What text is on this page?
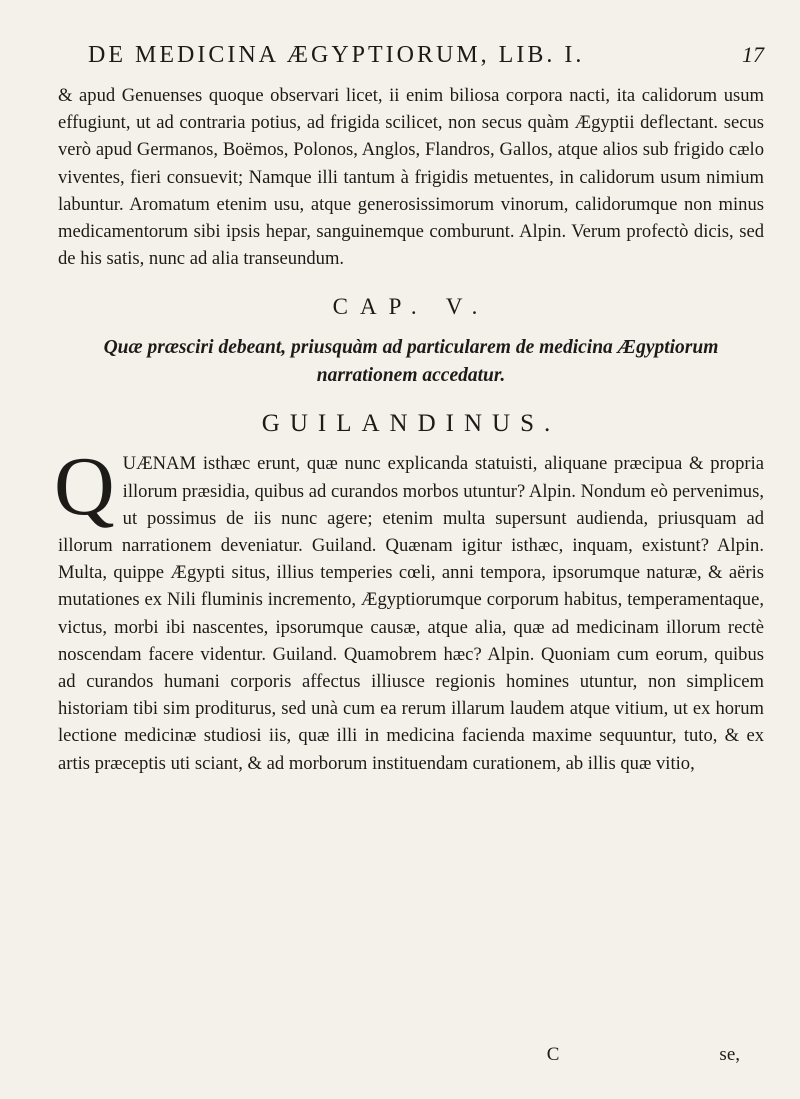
DE MEDICINA ÆGYPTIORUM, LIB. I.	17

& apud Genuenses quoque observari licet, ii enim biliosa corpora nacti, ita calidorum usum effugiunt, ut ad contraria potius, ad frigida scilicet, non secus quàm Ægyptii deflectant. secus verò apud Germanos, Boëmos, Polonos, Anglos, Flandros, Gallos, atque alios sub frigido cælo viventes, fieri consuevit; Namque illi tantum à frigidis metuentes, in calidorum usum nimium labuntur. Aromatum etenim usu, atque generosissimorum vinorum, calidorumque non minus medicamentorum sibi ipsis hepar, sanguinemque comburunt. Alpin. Verum profectò dicis, sed de his satis, nunc ad alia transeundum.

CAP. V.
Quæ præsciri debeant, priusquàm ad particularem de medicina Ægyptiorum narrationem accedatur.
GUILANDINUS.
Q UÆNAM isthæc erunt, quæ nunc explicanda statuisti, aliquane præcipua & propria illorum præsidia, quibus ad curandos morbos utuntur? Alpin. Nondum eò pervenimus, ut possimus de iis nunc agere; etenim multa supersunt audienda, priusquam ad illorum narrationem deveniatur. Guiland. Quænam igitur isthæc, inquam, existunt? Alpin. Multa, quippe Ægypti situs, illius temperies cœli, anni tempora, ipsorumque naturæ, & aëris mutationes ex Nili fluminis incremento, Ægyptiorumque corporum habitus, temperamentaque, victus, morbi ibi nascentes, ipsorumque causæ, atque alia, quæ ad medicinam illorum rectè noscendam facere videntur. Guiland. Quamobrem hæc? Alpin. Quoniam cum eorum, quibus ad curandos humani corporis affectus illiusce regionis homines utuntur, non simplicem historiam tibi sim proditurus, sed unà cum ea rerum illarum laudem atque vitium, ut ex horum lectione medicinæ studiosi iis, quæ illi in medicina facienda maxime sequuntur, tuto, & ex artis præceptis uti sciant, & ad morborum instituendam curationem, ab illis quæ vitio,

C	se,
